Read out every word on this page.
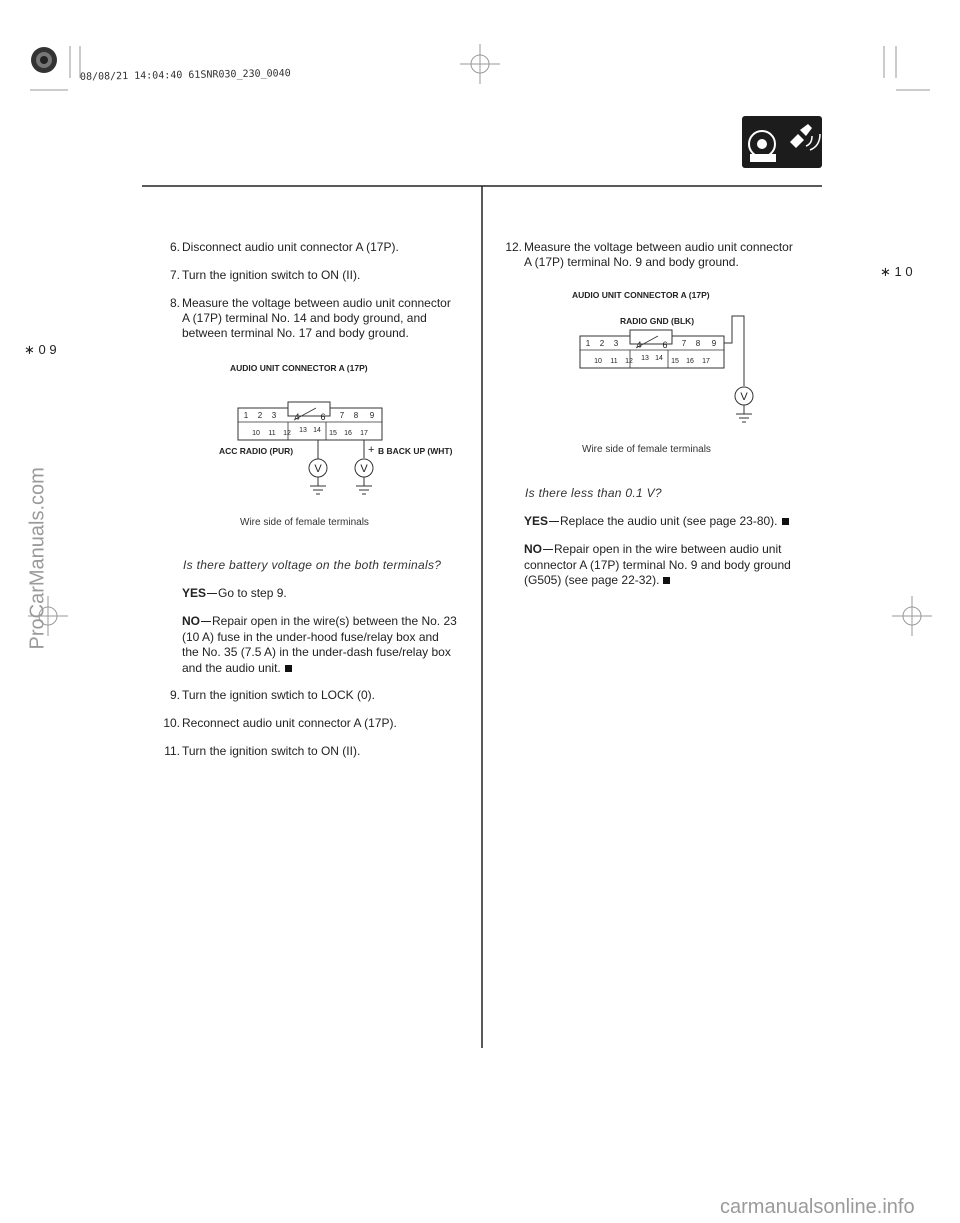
08/08/21 14:04:40 61SNR030_230_0040
∗ 1 0
∗ 0 9
ProCarManuals.com
carmanualsonline.info
6. Disconnect audio unit connector A (17P).
7. Turn the ignition switch to ON (II).
8. Measure the voltage between audio unit connector
A (17P) terminal No. 14 and body ground, and
between terminal No. 17 and body ground.
AUDIO UNIT CONNECTOR A (17P)
1 2 3 4 6 7 8 9
10 11 12 13 14 15 16 17
V	V
ACC RADIO (PUR)	+ B BACK UP (WHT)
Wire side of female terminals
Is there battery voltage on the both terminals?
YES Go to step 9.
NO Repair open in the wire(s) between the No. 23
(10 A) fuse in the under-hood fuse/relay box and
the No. 35 (7.5 A) in the under-dash fuse/relay box
and the audio unit.
9. Turn the ignition swtich to LOCK (0).
10. Reconnect audio unit connector A (17P).
11. Turn the ignition switch to ON (II).
12. Measure the voltage between audio unit connector
A (17P) terminal No. 9 and body ground.
AUDIO UNIT CONNECTOR A (17P)
RADIO GND (BLK)
1 2 3 4 6 7 8 9
10 11 12 13 14 15 16 17
V
Wire side of female terminals
Is there less than 0.1 V?
YES Replace the audio unit (see page 23-80).
NO Repair open in the wire between audio unit
connector A (17P) terminal No. 9 and body ground
(G505) (see page 22-32).
